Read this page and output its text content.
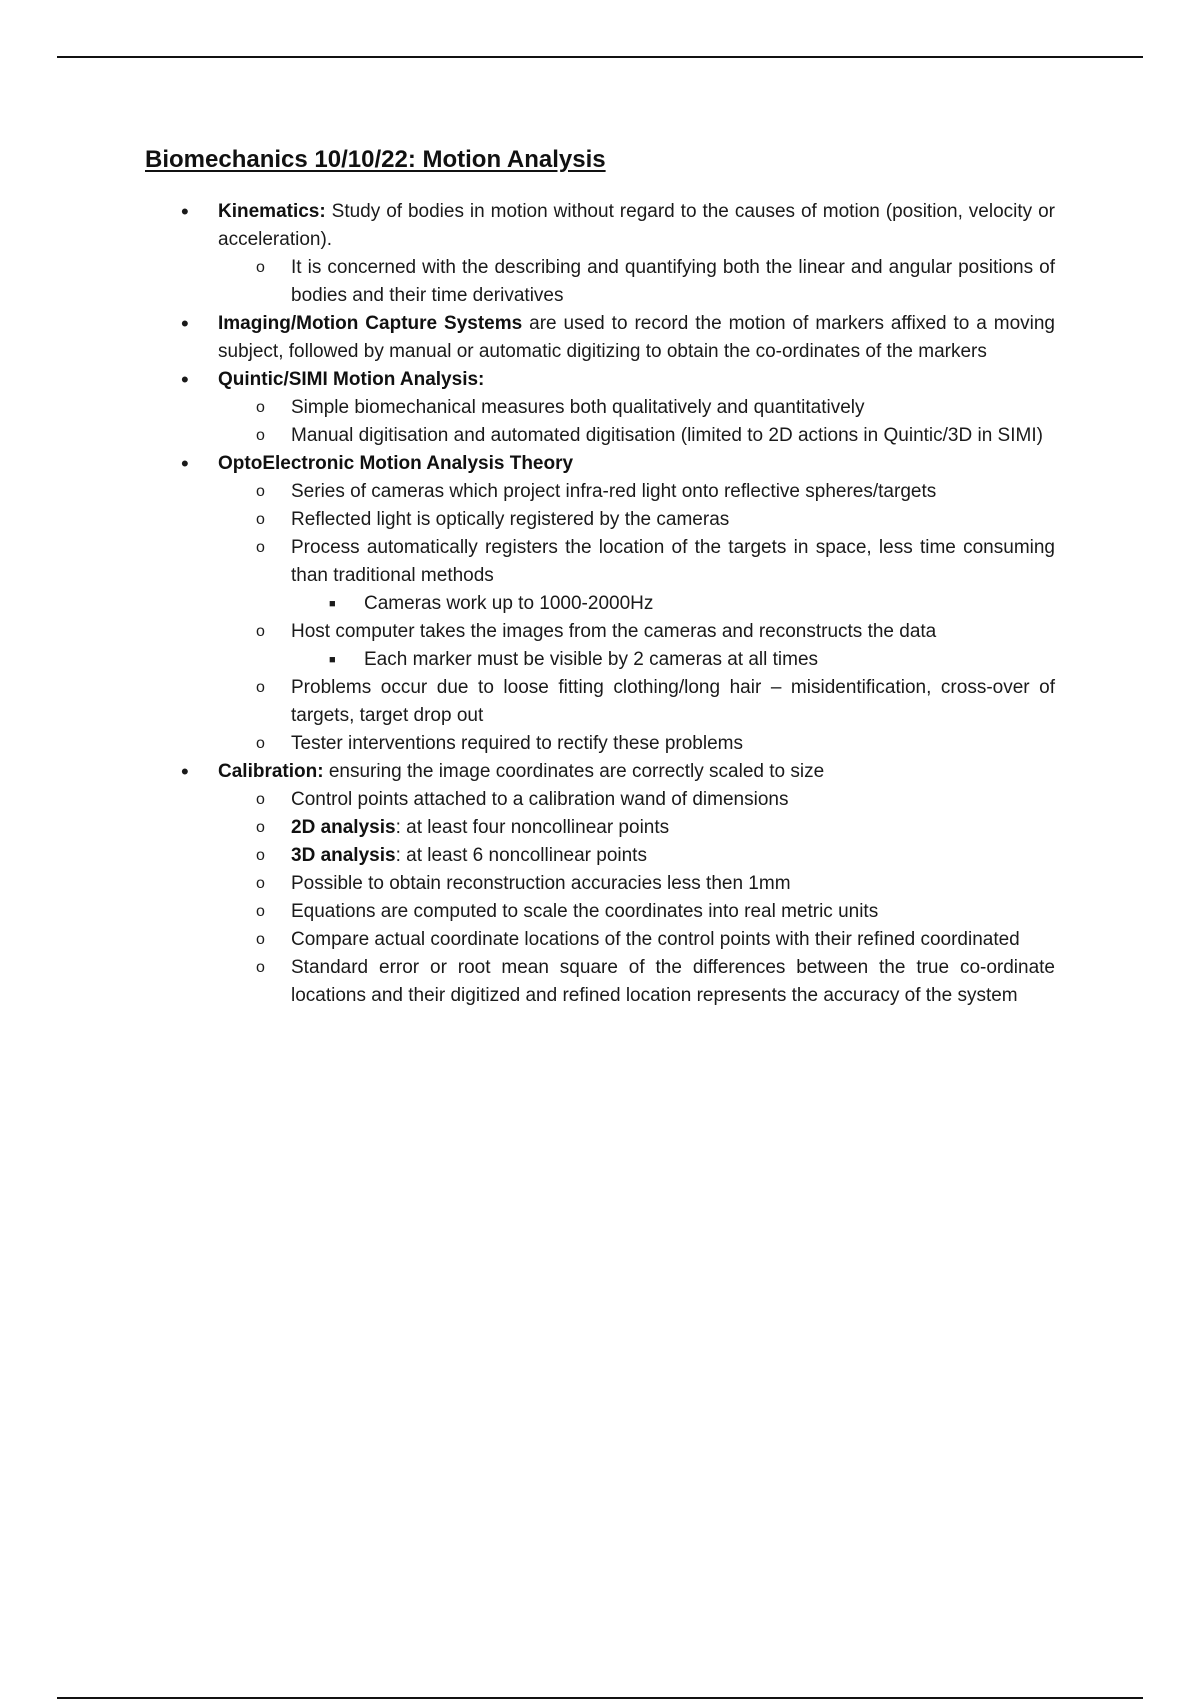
Biomechanics 10/10/22: Motion Analysis
• Kinematics: Study of bodies in motion without regard to the causes of motion (position, velocity or acceleration).
o It is concerned with the describing and quantifying both the linear and angular positions of bodies and their time derivatives
• Imaging/Motion Capture Systems are used to record the motion of markers affixed to a moving subject, followed by manual or automatic digitizing to obtain the co-ordinates of the markers
• Quintic/SIMI Motion Analysis:
o Simple biomechanical measures both qualitatively and quantitatively
o Manual digitisation and automated digitisation (limited to 2D actions in Quintic/3D in SIMI)
• OptoElectronic Motion Analysis Theory
o Series of cameras which project infra-red light onto reflective spheres/targets
o Reflected light is optically registered by the cameras
o Process automatically registers the location of the targets in space, less time consuming than traditional methods
■ Cameras work up to 1000-2000Hz
o Host computer takes the images from the cameras and reconstructs the data
■ Each marker must be visible by 2 cameras at all times
o Problems occur due to loose fitting clothing/long hair – misidentification, cross-over of targets, target drop out
o Tester interventions required to rectify these problems
• Calibration: ensuring the image coordinates are correctly scaled to size
o Control points attached to a calibration wand of dimensions
o 2D analysis: at least four noncollinear points
o 3D analysis: at least 6 noncollinear points
o Possible to obtain reconstruction accuracies less then 1mm
o Equations are computed to scale the coordinates into real metric units
o Compare actual coordinate locations of the control points with their refined coordinated
o Standard error or root mean square of the differences between the true co-ordinate locations and their digitized and refined location represents the accuracy of the system
